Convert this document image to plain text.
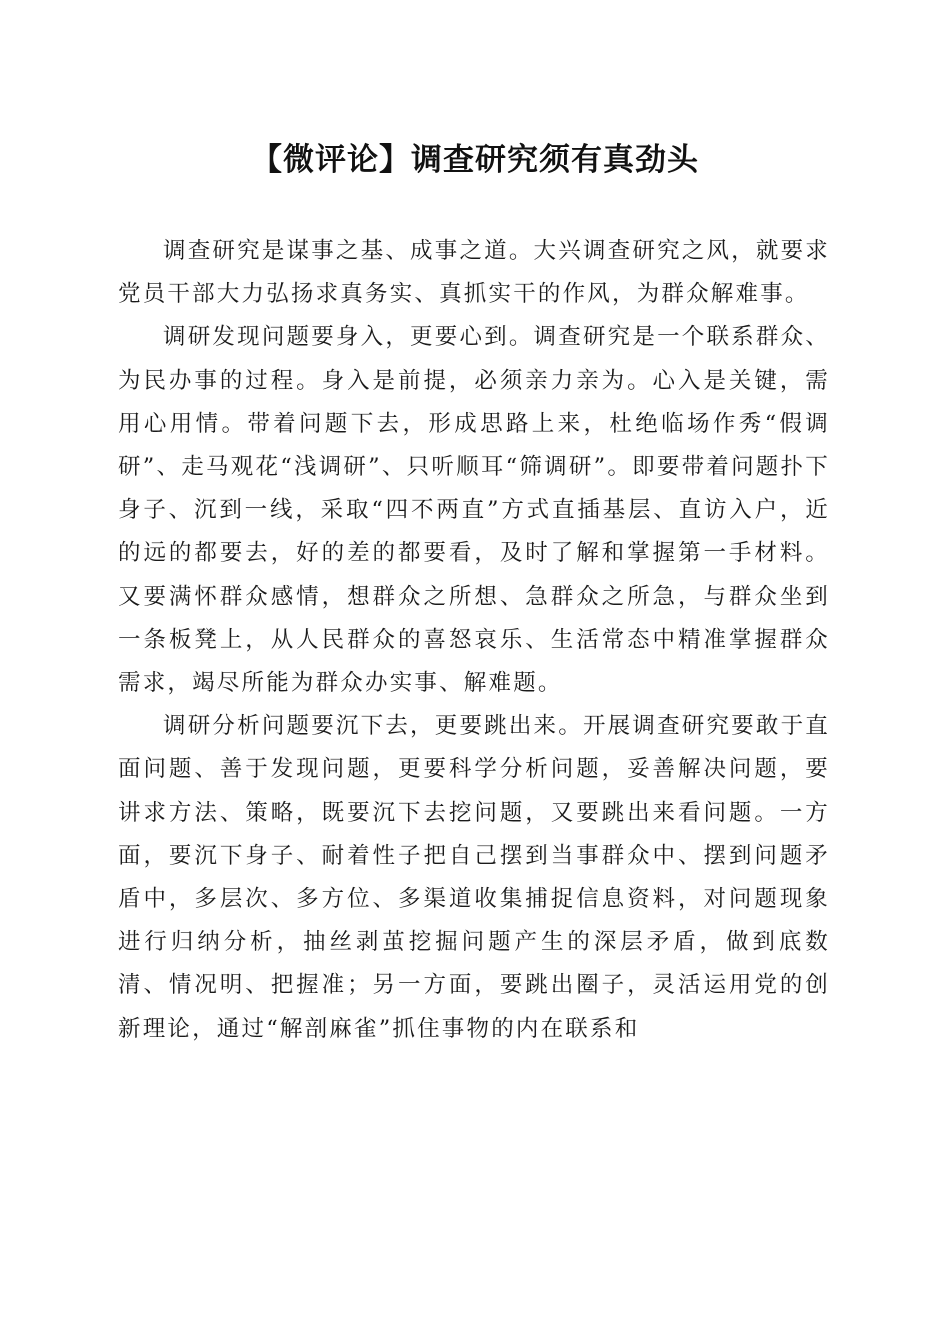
【微评论】调查研究须有真劲头

调查研究是谋事之基、成事之道。大兴调查研究之风，就要求党员干部大力弘扬求真务实、真抓实干的作风，为群众解难事。

调研发现问题要身入，更要心到。调查研究是一个联系群众、为民办事的过程。身入是前提，必须亲力亲为。心入是关键，需用心用情。带着问题下去，形成思路上来，杜绝临场作秀“假调研”、走马观花“浅调研”、只听顺耳“筛调研”。即要带着问题扑下身子、沉到一线，采取“四不两直”方式直插基层、直访入户，近的远的都要去，好的差的都要看，及时了解和掌握第一手材料。又要满怀群众感情，想群众之所想、急群众之所急，与群众坐到一条板凳上，从人民群众的喜怒哀乐、生活常态中精准掌握群众需求，竭尽所能为群众办实事、解难题。

调研分析问题要沉下去，更要跳出来。开展调查研究要敢于直面问题、善于发现问题，更要科学分析问题，妥善解决问题，要讲求方法、策略，既要沉下去挖问题，又要跳出来看问题。一方面，要沉下身子、耐着性子把自己摆到当事群众中、摆到问题矛盾中，多层次、多方位、多渠道收集捕捉信息资料，对问题现象进行归纳分析，抽丝剥茧挖掘问题产生的深层矛盾，做到底数清、情况明、把握准；另一方面，要跳出圈子，灵活运用党的创新理论，通过“解剖麻雀”抓住事物的内在联系和
